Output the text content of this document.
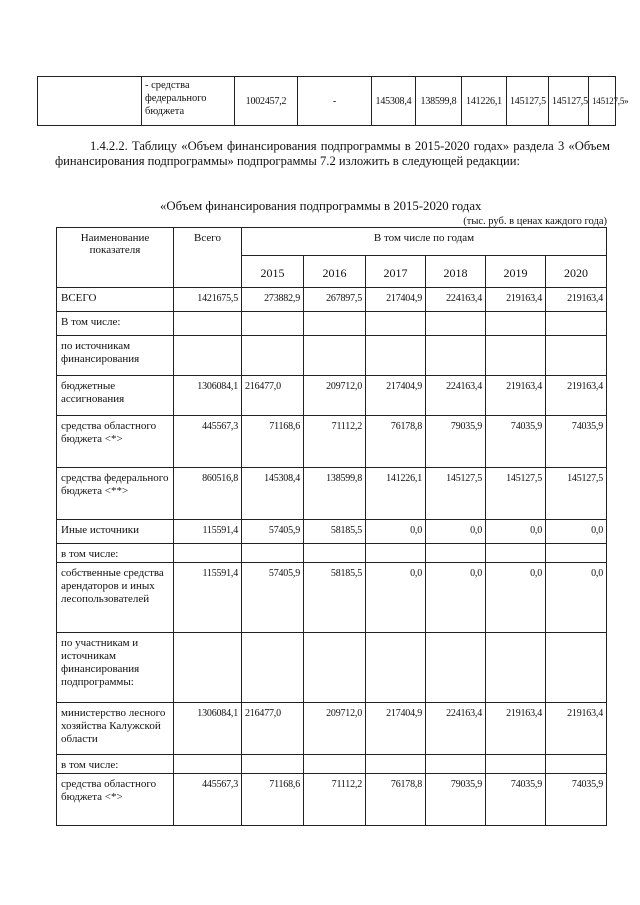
	- средства федерального бюджета	1002457,2	-	145308,4	138599,8	141226,1	145127,5	145127,5	145127,5»
1.4.2.2. Таблицу «Объем финансирования подпрограммы в 2015-2020 годах» раздела 3 «Объем финансирования подпрограммы» подпрограммы 7.2 изложить в следующей редакции:
«Объем финансирования подпрограммы в 2015-2020 годах
(тыс. руб. в ценах каждого года)
Наименование показателя	Всего	В том числе по годам					
		2015	2016	2017	2018	2019	2020
ВСЕГО	1421675,5	273882,9	267897,5	217404,9	224163,4	219163,4	219163,4
В том числе:							
по источникам финансирования							
бюджетные ассигнования	1306084,1	216477,0	209712,0	217404,9	224163,4	219163,4	219163,4
средства областного бюджета <*>	445567,3	71168,6	71112,2	76178,8	79035,9	74035,9	74035,9
средства федерального бюджета <**>	860516,8	145308,4	138599,8	141226,1	145127,5	145127,5	145127,5
Иные источники	115591,4	57405,9	58185,5	0,0	0,0	0,0	0,0
в том числе:							
собственные средства арендаторов и иных лесопользователей	115591,4	57405,9	58185,5	0,0	0,0	0,0	0,0
по участникам и источникам финансирования подпрограммы:							
министерство лесного хозяйства Калужской области	1306084,1	216477,0	209712,0	217404,9	224163,4	219163,4	219163,4
в том числе:							
средства областного бюджета <*>	445567,3	71168,6	71112,2	76178,8	79035,9	74035,9	74035,9
